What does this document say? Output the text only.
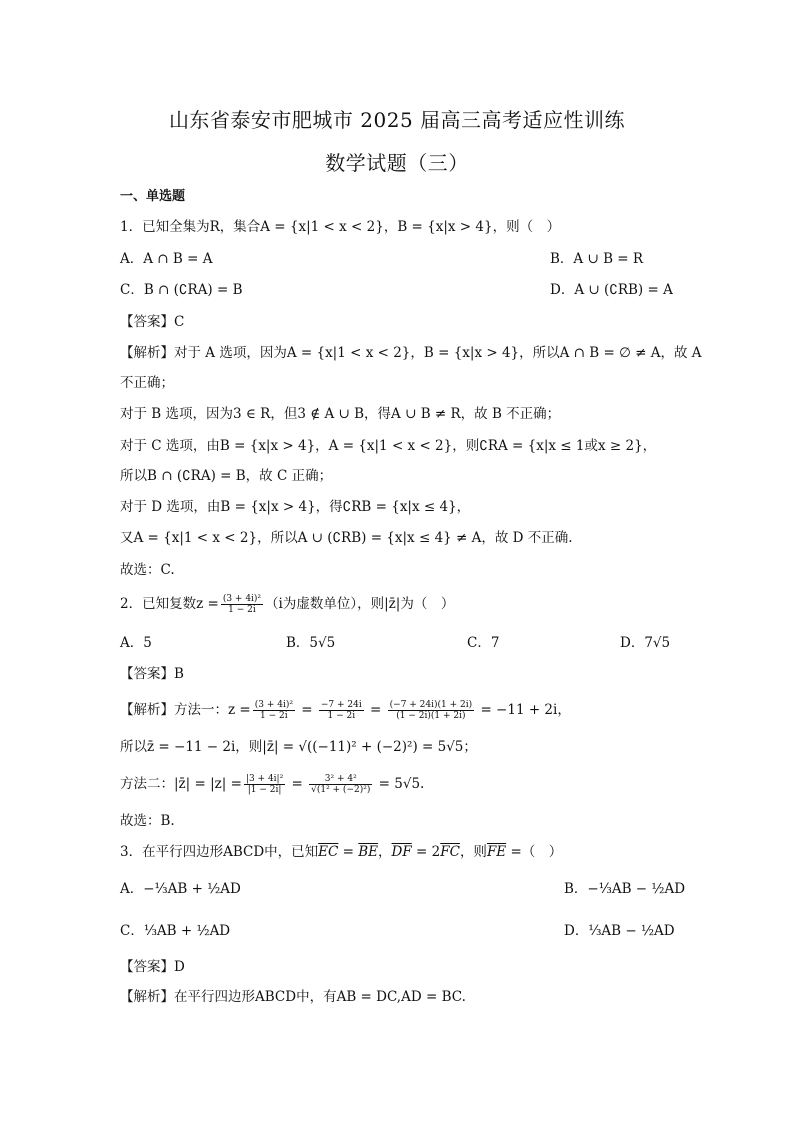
山东省泰安市肥城市 2025 届高三高考适应性训练
数学试题（三）
一、单选题
1．已知全集为R，集合A = {x|1 < x < 2}，B = {x|x > 4}，则（　）
A．A ∩ B = A	B．A ∪ B = R
C．B ∩ (∁RA) = B	D．A ∪ (∁RB) = A
【答案】C
【解析】对于 A 选项，因为A = {x|1 < x < 2}，B = {x|x > 4}，所以A ∩ B = ∅ ≠ A，故 A
不正确；
对于 B 选项，因为3 ∈ R，但3 ∉ A ∪ B，得A ∪ B ≠ R，故 B 不正确；
对于 C 选项，由B = {x|x > 4}，A = {x|1 < x < 2}，则∁RA = {x|x ≤ 1或x ≥ 2}，
所以B ∩ (∁RA) = B，故 C 正确；
对于 D 选项，由B = {x|x > 4}，得∁RB = {x|x ≤ 4}，
又A = {x|1 < x < 2}，所以A ∪ (∁RB) = {x|x ≤ 4} ≠ A，故 D 不正确.
故选：C.
2．已知复数$z = \frac{\text{(3 + 4i)²}}{1 - 2i} (i$为虚数单位），则|z̄|为（　）
A．5	B．5√5	C．7	D．7√5
【答案】B
【解析】方法一：$z = \frac{\text{(3 + 4i)²}}{1 - 2i} = \frac{-7 + 24i}{1 - 2i} = \frac{(-7 + 24i)(1 + 2i)}{(1 - 2i)(1 + 2i)} = -11 + 2i$，
所以z̄ = −11 − 2i，则|z̄| = √((−11)² + (−2)²) = 5√5；
方法二：|z̄| = $|z| = \frac{\text{|3 + 4i|²}}{|1 - 2i|} = \frac{\text{3² + 4²}}{\text{√(1² + (−2)²)}} = 5√5$.
故选：B.
3．在平行四边形ABCD中，已知$\overline{EC} = \overline{BE}$，$\overline{DF} = 2\overline{FC}$，则$\overline{FE}$ =（　）
A．−⅓AB + ½AD	B．−⅓AB − ½AD
C．⅓AB + ½AD	D．⅓AB − ½AD
【答案】D
【解析】在平行四边形ABCD中，有AB = DC,AD = BC.
